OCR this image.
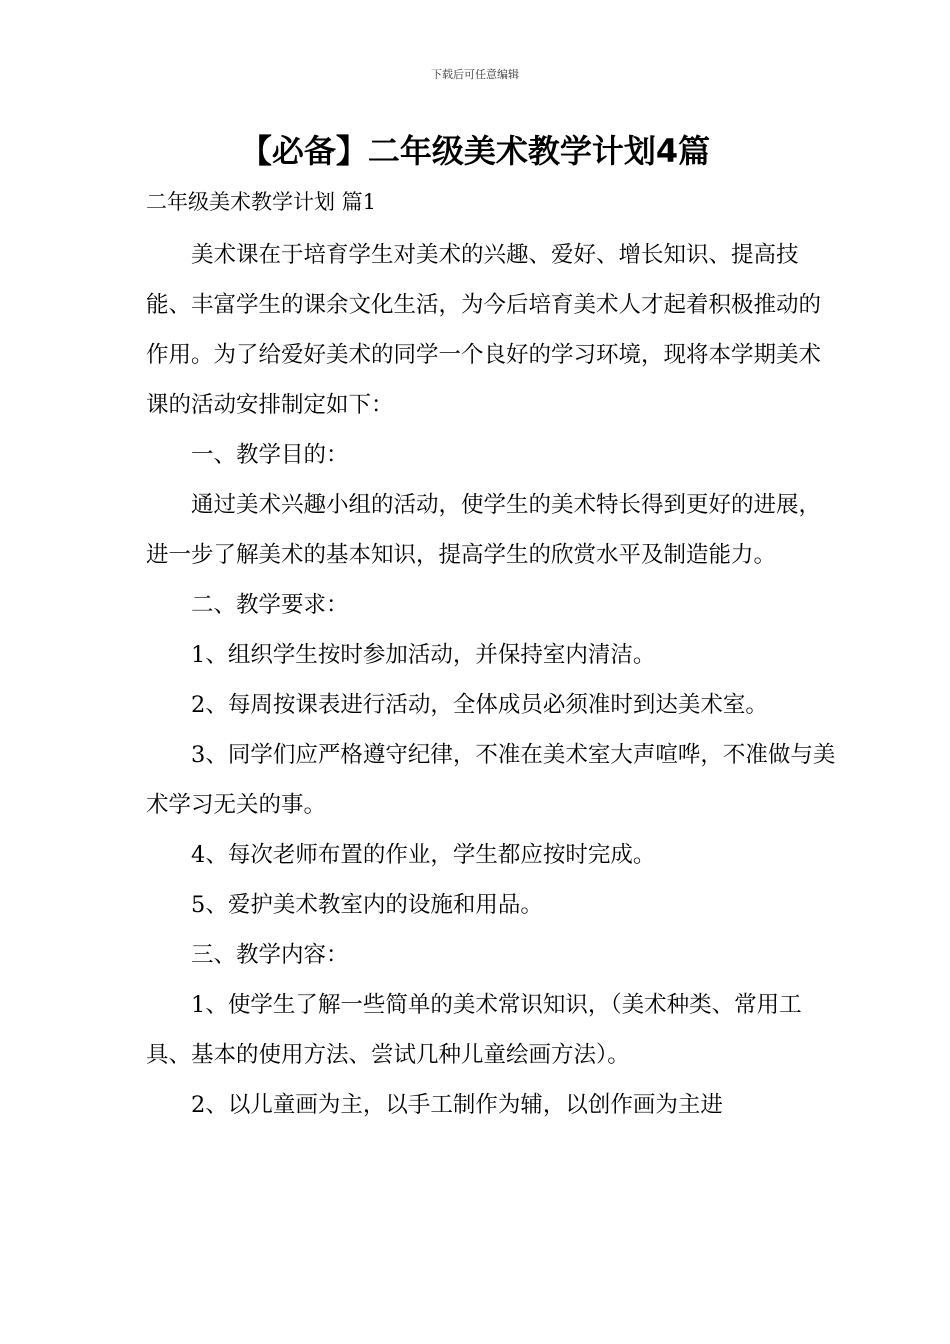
下载后可任意编辑
【必备】二年级美术教学计划4篇
二年级美术教学计划 篇1

美术课在于培育学生对美术的兴趣、爱好、增长知识、提高技能、丰富学生的课余文化生活，为今后培育美术人才起着积极推动的作用。为了给爱好美术的同学一个良好的学习环境，现将本学期美术课的活动安排制定如下：

一、教学目的：

通过美术兴趣小组的活动，使学生的美术特长得到更好的进展，进一步了解美术的基本知识，提高学生的欣赏水平及制造能力。

二、教学要求：

1、组织学生按时参加活动，并保持室内清洁。

2、每周按课表进行活动，全体成员必须准时到达美术室。

3、同学们应严格遵守纪律，不准在美术室大声喧哗，不准做与美术学习无关的事。

4、每次老师布置的作业，学生都应按时完成。

5、爱护美术教室内的设施和用品。

三、教学内容：

1、使学生了解一些简单的美术常识知识，（美术种类、常用工具、基本的使用方法、尝试几种儿童绘画方法）。

2、以儿童画为主，以手工制作为辅，以创作画为主进
